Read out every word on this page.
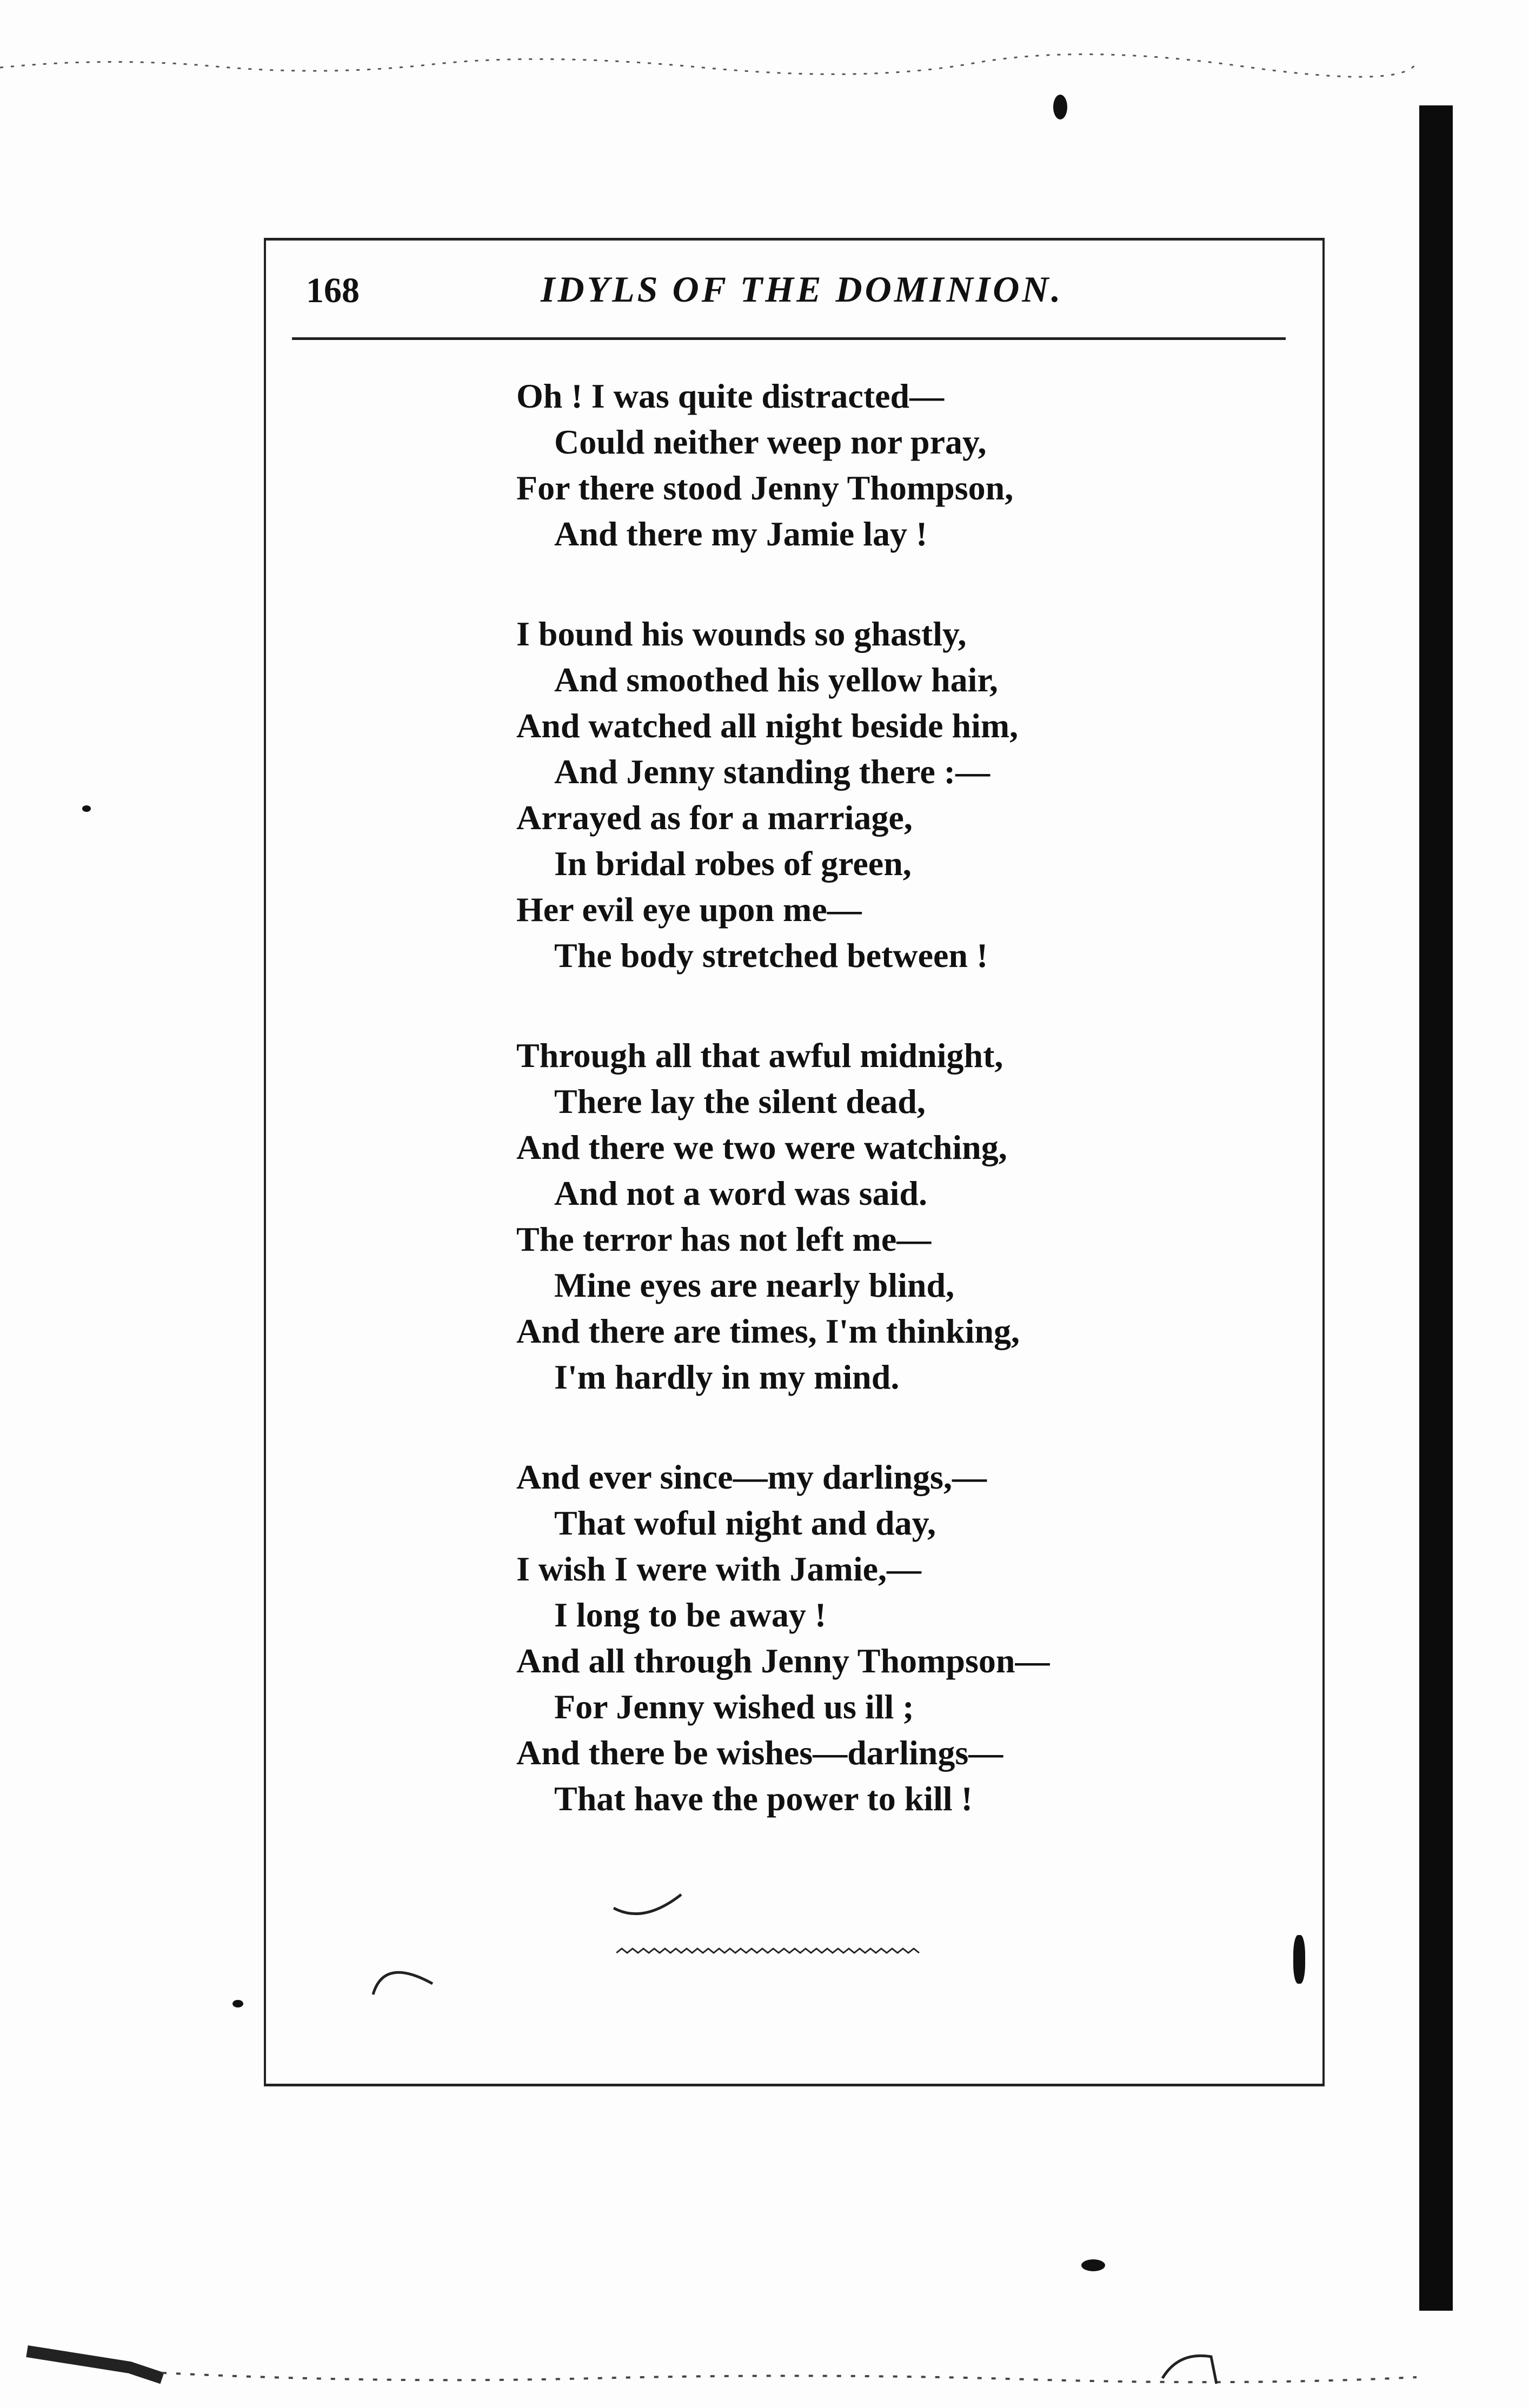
168	IDYLS OF THE DOMINION.
Oh ! I was quite distracted—
Could neither weep nor pray,
For there stood Jenny Thompson,
And there my Jamie lay !
I bound his wounds so ghastly,
And smoothed his yellow hair,
And watched all night beside him,
And Jenny standing there :—
Arrayed as for a marriage,
In bridal robes of green,
Her evil eye upon me—
The body stretched between !
Through all that awful midnight,
There lay the silent dead,
And there we two were watching,
And not a word was said.
The terror has not left me—
Mine eyes are nearly blind,
And there are times, I'm thinking,
I'm hardly in my mind.
And ever since—my darlings,—
That woful night and day,
I wish I were with Jamie,—
I long to be away !
And all through Jenny Thompson—
For Jenny wished us ill ;
And there be wishes—darlings—
That have the power to kill !
